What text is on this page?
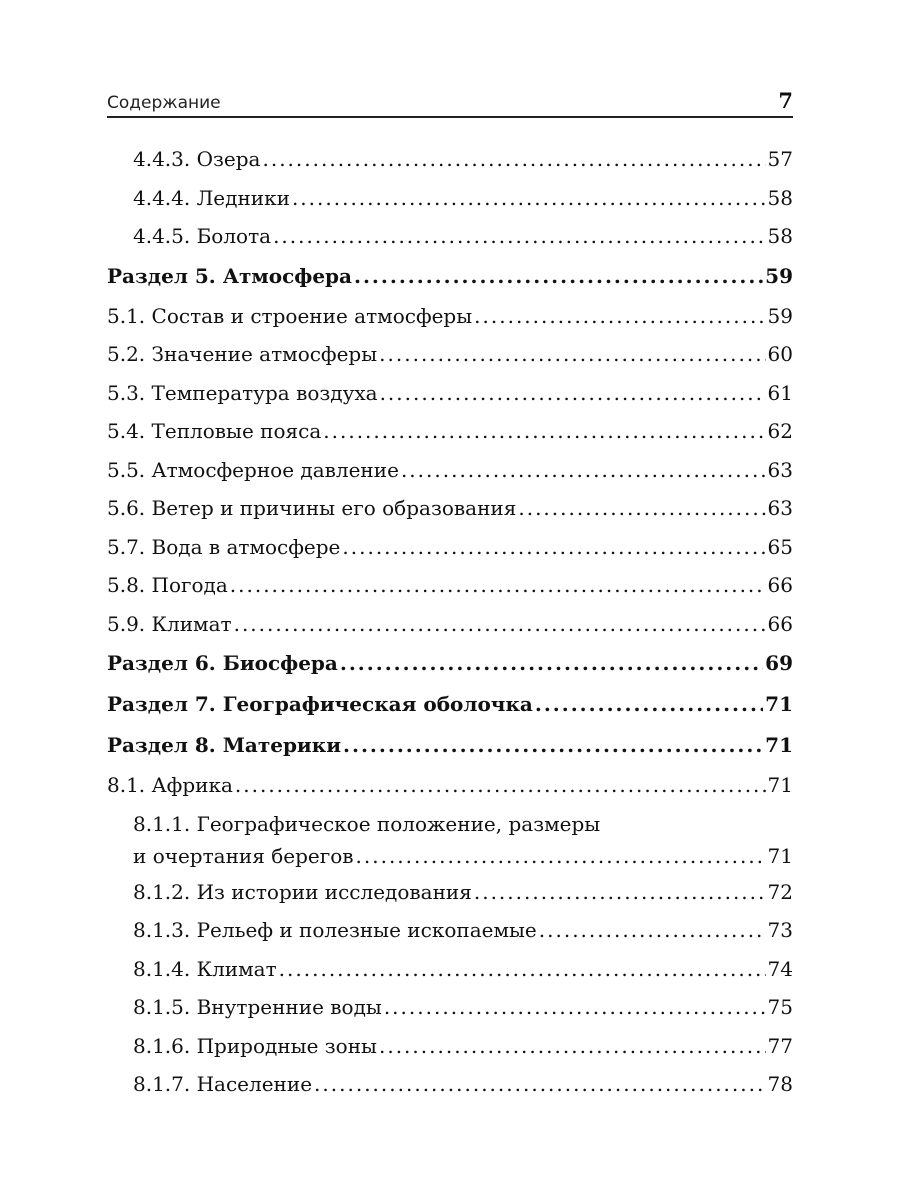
Содержание	7
4.4.3. Озера .....	57
4.4.4. Ледники .....	58
4.4.5. Болота .....	58
Раздел 5. Атмосфера .....	59
5.1. Состав и строение атмосферы .....	59
5.2. Значение атмосферы .....	60
5.3. Температура воздуха .....	61
5.4. Тепловые пояса .....	62
5.5. Атмосферное давление .....	63
5.6. Ветер и причины его образования .....	63
5.7. Вода в атмосфере .....	65
5.8. Погода .....	66
5.9. Климат .....	66
Раздел 6. Биосфера .....	69
Раздел 7. Географическая оболочка .....	71
Раздел 8. Материки .....	71
8.1. Африка .....	71
8.1.1. Географическое положение, размеры
и очертания берегов .....	71
8.1.2. Из истории исследования .....	72
8.1.3. Рельеф и полезные ископаемые .....	73
8.1.4. Климат .....	74
8.1.5. Внутренние воды .....	75
8.1.6. Природные зоны .....	77
8.1.7. Население .....	78
